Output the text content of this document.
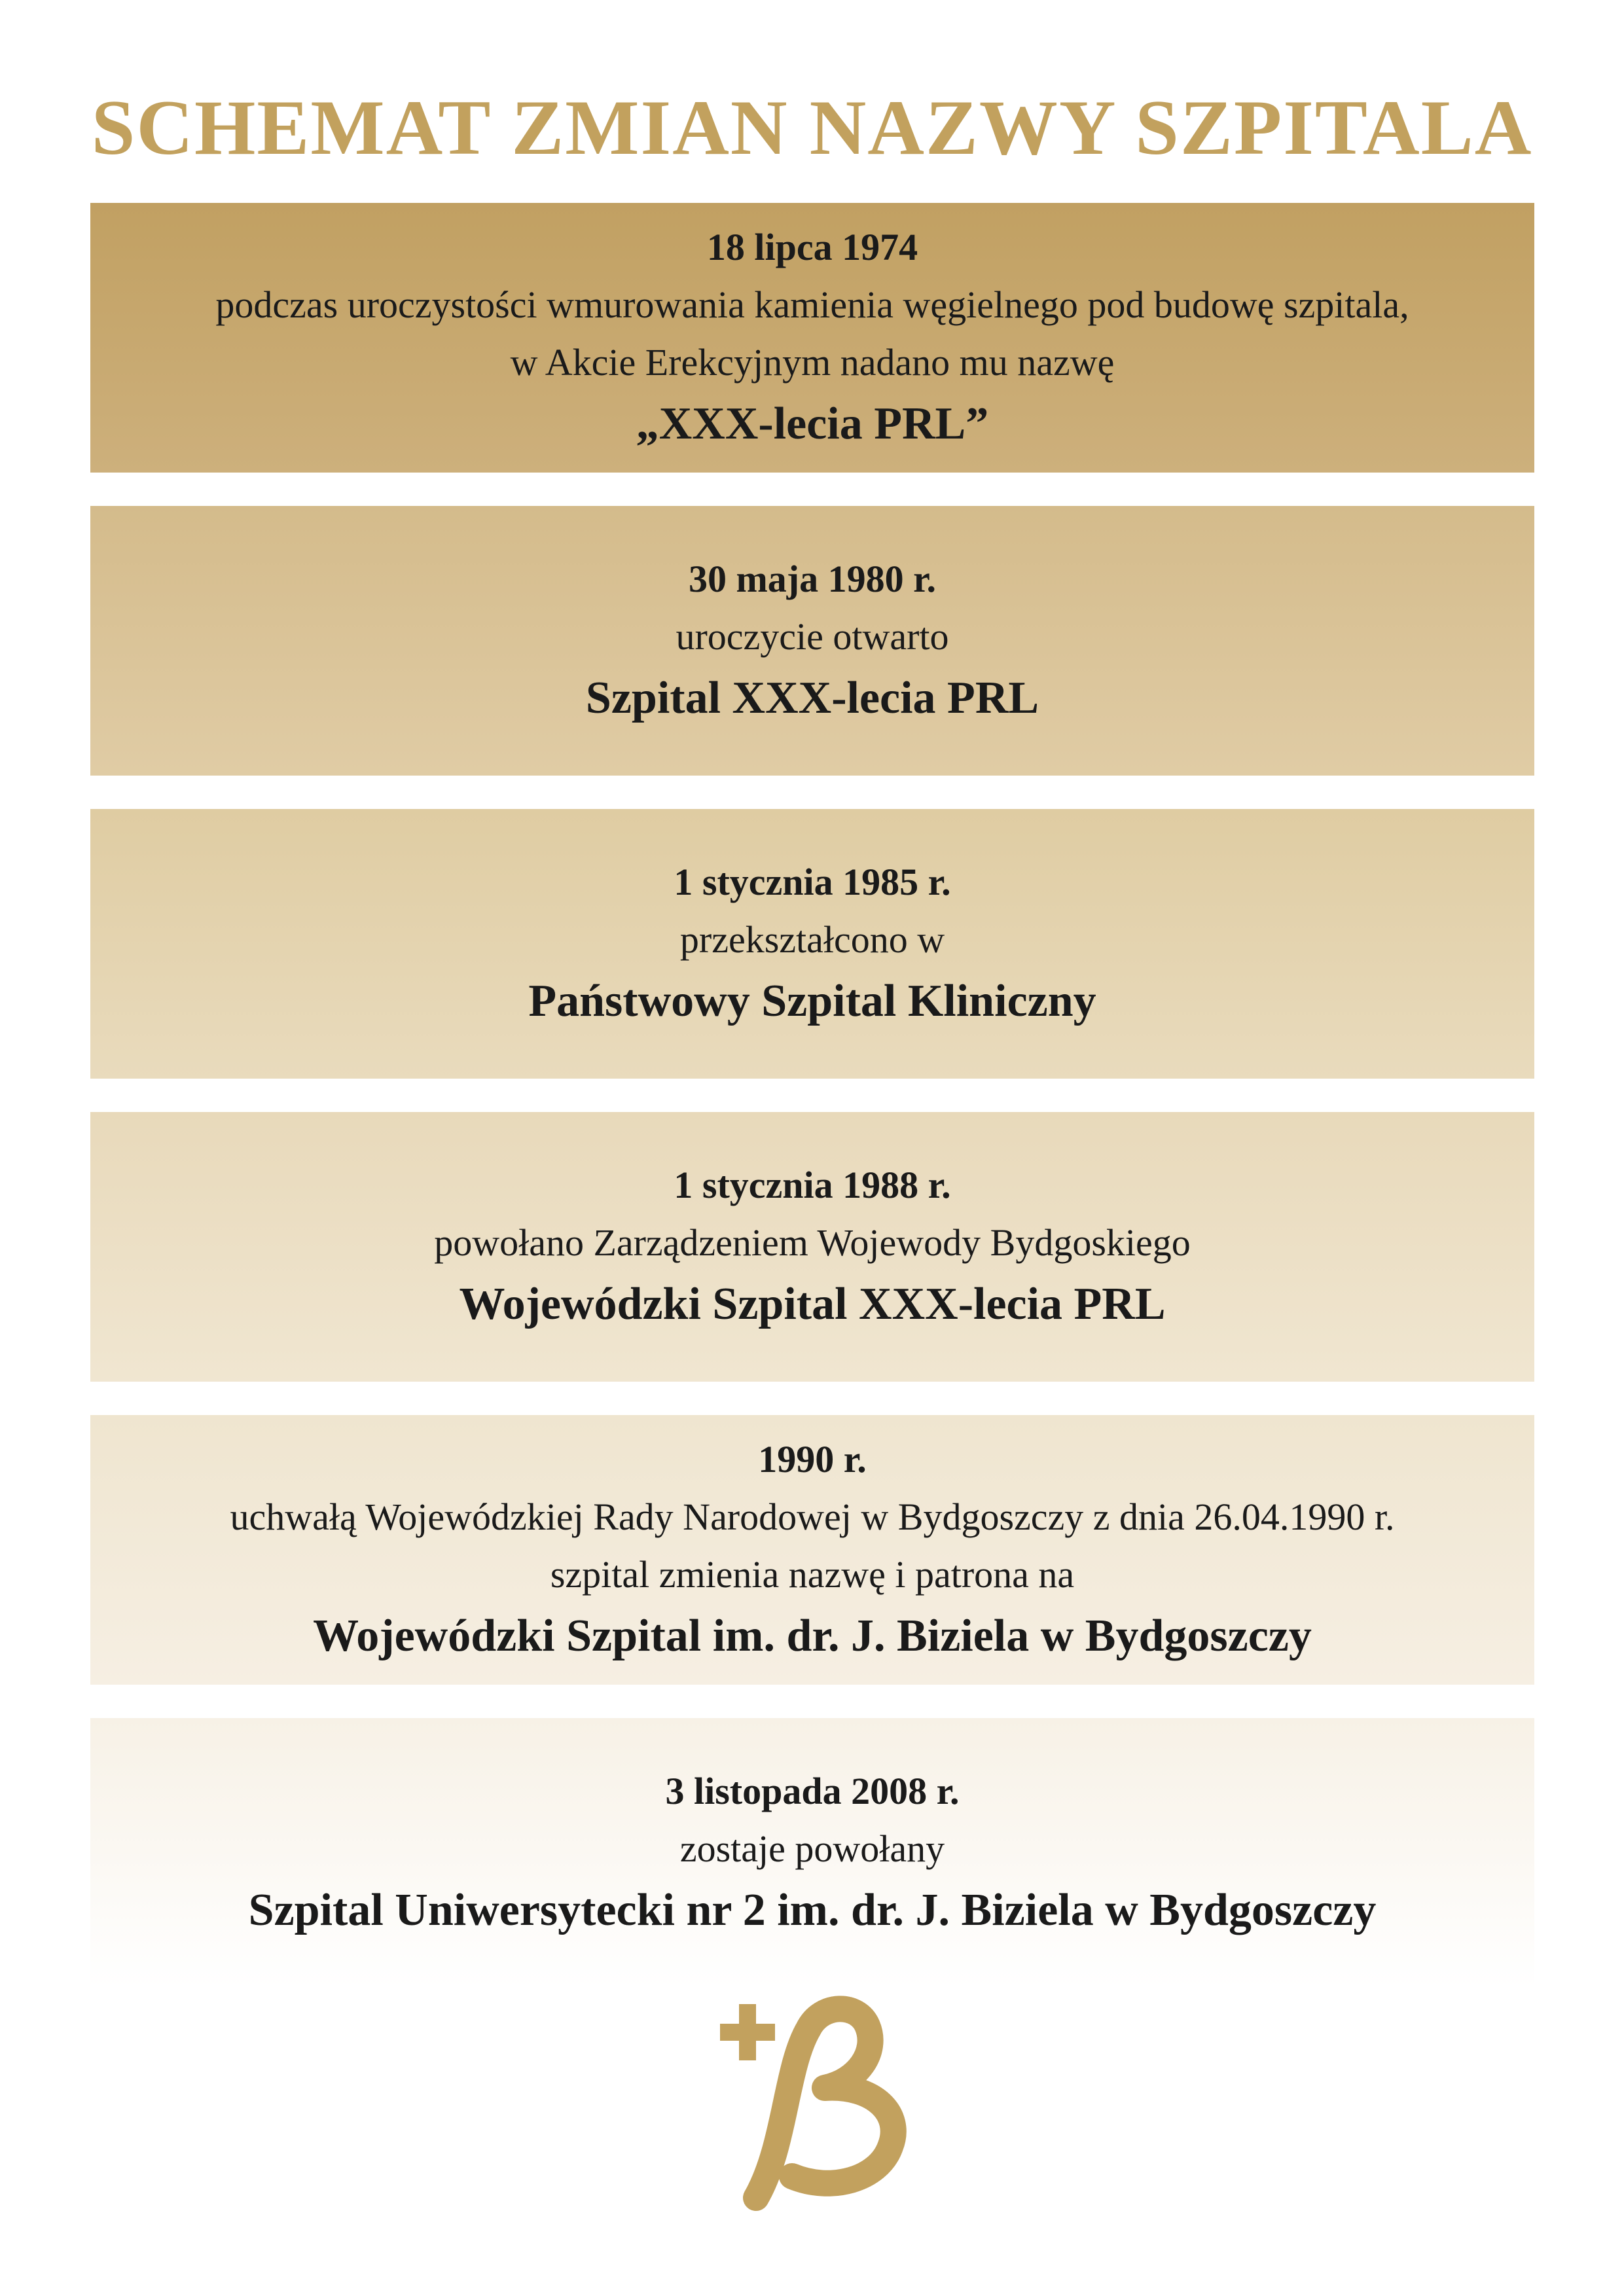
SCHEMAT ZMIAN NAZWY SZPITALA
18 lipca 1974
podczas uroczystości wmurowania kamienia węgielnego pod budowę szpitala,
w Akcie Erekcyjnym nadano mu nazwę
„XXX-lecia PRL”
30 maja 1980 r.
uroczycie otwarto
Szpital XXX-lecia PRL
1 stycznia 1985 r.
przekształcono w
Państwowy Szpital Kliniczny
1 stycznia 1988 r.
powołano Zarządzeniem Wojewody Bydgoskiego
Wojewódzki Szpital XXX-lecia PRL
1990 r.
uchwałą Wojewódzkiej Rady Narodowej w Bydgoszczy z dnia 26.04.1990 r.
szpital zmienia nazwę i patrona na
Wojewódzki Szpital im. dr. J. Biziela w Bydgoszczy
3 listopada 2008 r.
zostaje powołany
Szpital Uniwersytecki nr 2 im. dr. J. Biziela w Bydgoszczy
